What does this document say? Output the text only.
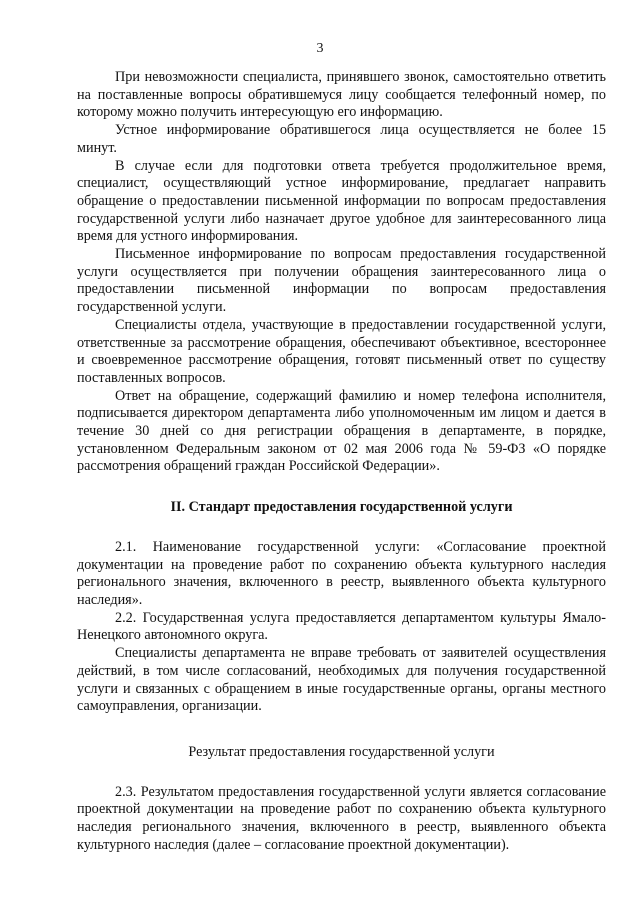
3

При невозможности специалиста, принявшего звонок, самостоятельно ответить на поставленные вопросы обратившемуся лицу сообщается телефонный номер, по которому можно получить интересующую его информацию.

Устное информирование обратившегося лица осуществляется не более 15 минут.

В случае если для подготовки ответа требуется продолжительное время, специалист, осуществляющий устное информирование, предлагает направить обращение о предоставлении письменной информации по вопросам предоставления государственной услуги либо назначает другое удобное для заинтересованного лица время для устного информирования.

Письменное информирование по вопросам предоставления государственной услуги осуществляется при получении обращения заинтересованного лица о предоставлении письменной информации по вопросам предоставления государственной услуги.

Специалисты отдела, участвующие в предоставлении государственной услуги, ответственные за рассмотрение обращения, обеспечивают объективное, всестороннее и своевременное рассмотрение обращения, готовят письменный ответ по существу поставленных вопросов.

Ответ на обращение, содержащий фамилию и номер телефона исполнителя, подписывается директором департамента либо уполномоченным им лицом и дается в течение 30 дней со дня регистрации обращения в департаменте, в порядке, установленном Федеральным законом от 02 мая 2006 года № 59-ФЗ «О порядке рассмотрения обращений граждан Российской Федерации».

II. Стандарт предоставления государственной услуги

2.1. Наименование государственной услуги: «Согласование проектной документации на проведение работ по сохранению объекта культурного наследия регионального значения, включенного в реестр, выявленного объекта культурного наследия».

2.2. Государственная услуга предоставляется департаментом культуры Ямало-Ненецкого автономного округа.

Специалисты департамента не вправе требовать от заявителей осуществления действий, в том числе согласований, необходимых для получения государственной услуги и связанных с обращением в иные государственные органы, органы местного самоуправления, организации.

Результат предоставления государственной услуги

2.3. Результатом предоставления государственной услуги является согласование проектной документации на проведение работ по сохранению объекта культурного наследия регионального значения, включенного в реестр, выявленного объекта культурного наследия (далее – согласование проектной документации).
